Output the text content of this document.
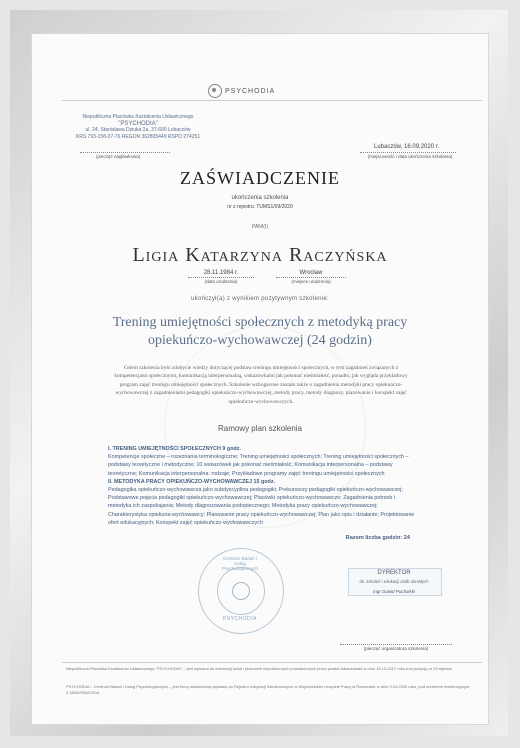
PSYCHODIA
Niepubliczna Placówka Kształcenia Ustawicznego
"PSYCHODIA"
ul. 24, Stanisława Dziuka 2a, 37-600 Lubaczów
KRS 793-158-37-76 REGON 362805449 RSPO 274251
(pieczęć nagłówkowa)
Lubaczów, 16.09.2020 r.
(miejscowość i data ukończenia szkolenia)
ZAŚWIADCZENIE
ukończenia szkolenia
nr z rejestru: TUMS1/09/2020
PANI(I)
Ligia Katarzyna Raczyńska
28.11.1984 r.
(data urodzenia)
Wrocław
(miejsce urodzenia)
ukończył(a) z wynikiem pozytywnym szkolenie:
Trening umiejętności społecznych z metodyką pracy
opiekuńczo-wychowawczej (24 godzin)
Celem szkolenia było zdobycie wiedzy dotyczącej podstaw treningu umiejętności społecznych, w tym zagadnień związanych z kompetencjami społecznymi, komunikacją interpersonalną, wskazówkami jak pokonać nieśmiałość, ponadto, jak wygląda przykładowy program zajęć treningu umiejętności społecznych. Szkolenie wzbogacone zostało także o zagadnienia metodyki pracy opiekuńczo-wychowawczej z zagadnieniami pedagogiki opiekuńczo-wychowawczej, metody pracy, metody diagnozy, planowanie i konspekt zajęć opiekuńczo-wychowawczych.
Ramowy plan szkolenia
I. TRENING UMIEJĘTNOŚCI SPOŁECZNYCH 9 godz.
Kompetencje społeczne – rozeznania terminologiczne; Trening umiejętności społecznych; Trening umiejętności społecznych – podstawy teoretyczne i metodyczne; 10 wskazówek jak pokonać nieśmiałość; Komunikacja interpersonalna – podstawy teoretyczne; Komunikacja interpersonalna: rodzaje; Przykładowe programy zajęć treningu umiejętności społecznych
II. METODYKA PRACY OPIEKUŃCZO-WYCHOWAWCZEJ 15 godz.
Pedagogika opiekuńczo-wychowawcza jako subdyscyplina pedagogiki; Prekursorzy pedagogiki opiekuńczo-wychowawczej; Podstawowe pojęcia pedagogiki opiekuńczo-wychowawczej; Placówki opiekuńczo-wychowawcze; Zagadnienia potrzeb i metodyka ich zaspokajania; Metody diagnozowania podopiecznego; Metodyka pracy opiekuńczo-wychowawczej; Charakterystyka opiekuna-wychowawcy; Planowanie pracy opiekuńczo-wychowawczej; Plan jako opis i działanie; Projektowanie ofert edukacyjnych; Konspekt zajęć opiekuńczo-wychowawczych
Razem liczba godzin: 24
Centrum Badań i Usług Psychologicznych
PSYCHODIA
DYREKTOR
ds. szkoleń i edukacji osób dorosłych
mgr Dawid Puchalski
(pieczęć organizatora szkolenia)
Niepubliczna Placówka Kształcenia Ustawicznego "PSYCHODIA" – jest wpisana do ewidencji szkół i placówek niepublicznych prowadzonych przez powiat lubaczowski w dniu 15.12.2017 roku pod pozycją nr 29 rejestru.
PSYCHODIA – Centrum Badań i Usług Psychologicznych – jest firmą szkoleniową wpisaną do Rejestru Instytucji Szkoleniowych w Wojewódzkim Urzędzie Pracy w Rzeszowie w dniu 9.04.2020 roku, pod numerem ewidencyjnym: 2.18/00/0062/2016
